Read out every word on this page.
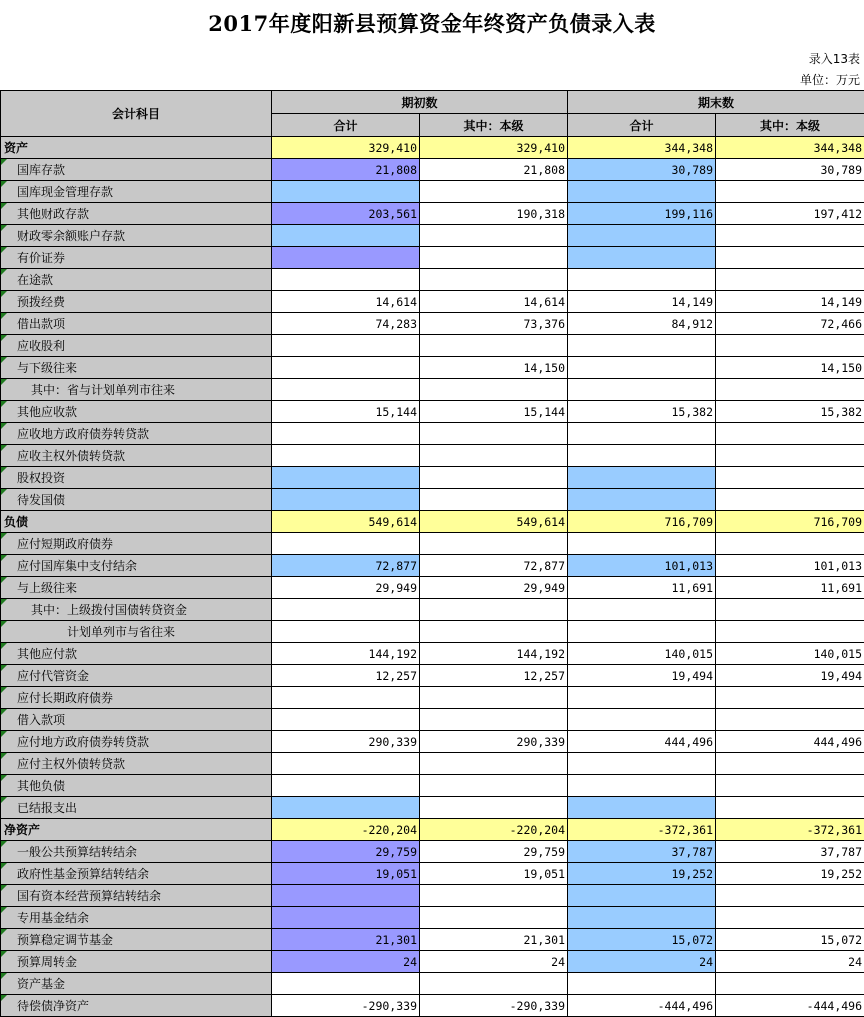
2017年度阳新县预算资金年终资产负债录入表
录入13表
单位：万元
会计科目	期初数		期末数	
	合计	其中：本级	合计	其中：本级
资产	329,410	329,410	344,348	344,348
国库存款	21,808	21,808	30,789	30,789
国库现金管理存款

其他财政存款	203,561	190,318	199,116	197,412
财政零余额账户存款

有价证券

在途款

预拨经费	14,614	14,614	14,149	14,149
借出款项	74,283	73,376	84,912	72,466
应收股利

与下级往来		14,150		14,150
其中：省与计划单列市往来

其他应收款	15,144	15,144	15,382	15,382
应收地方政府债券转贷款

应收主权外债转贷款

股权投资

待发国债

负债	549,614	549,614	716,709	716,709
应付短期政府债券

应付国库集中支付结余	72,877	72,877	101,013	101,013
与上级往来	29,949	29,949	11,691	11,691
其中：上级拨付国债转贷资金

计划单列市与省往来

其他应付款	144,192	144,192	140,015	140,015
应付代管资金	12,257	12,257	19,494	19,494
应付长期政府债券

借入款项

应付地方政府债券转贷款	290,339	290,339	444,496	444,496
应付主权外债转贷款

其他负债

已结报支出

净资产	-220,204	-220,204	-372,361	-372,361
一般公共预算结转结余	29,759	29,759	37,787	37,787
政府性基金预算结转结余	19,051	19,051	19,252	19,252
国有资本经营预算结转结余

专用基金结余

预算稳定调节基金	21,301	21,301	15,072	15,072
预算周转金	24	24	24	24
资产基金

待偿债净资产	-290,339	-290,339	-444,496	-444,496
